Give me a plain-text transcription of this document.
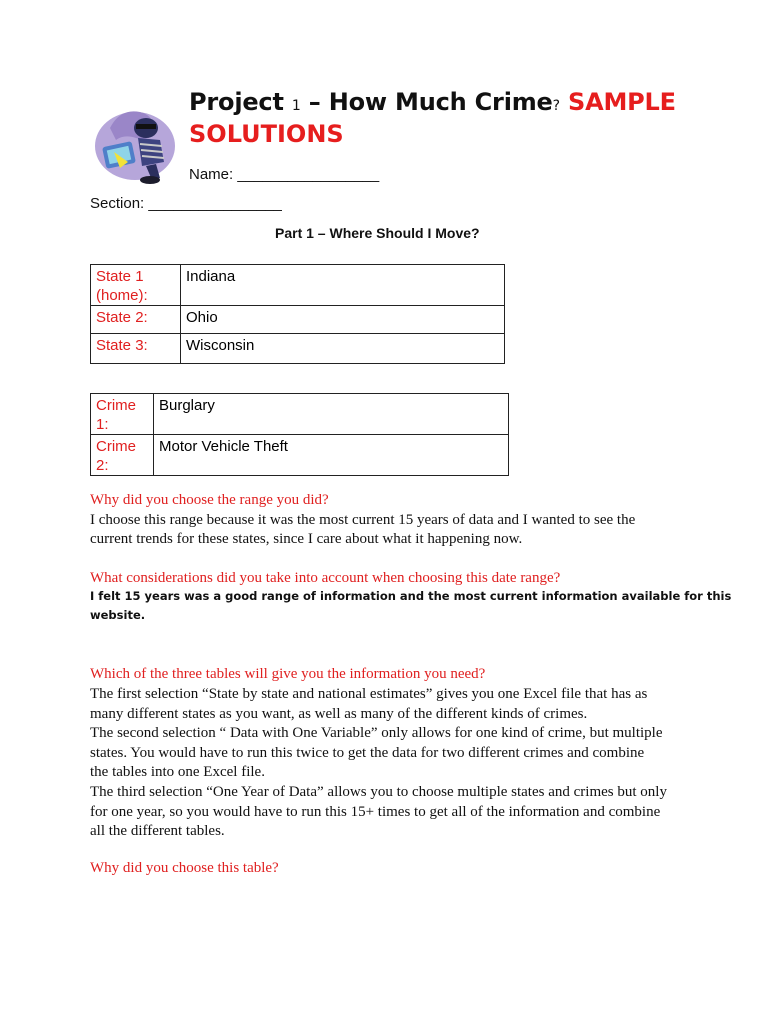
Project 1 – How Much Crime? SAMPLE
SOLUTIONS
Name: _________________
Section: ________________
Part 1 – Where Should I Move?
State 1 (home):	Indiana
State 2:	Ohio
State 3:	Wisconsin
Crime 1:	Burglary
Crime 2:	Motor Vehicle Theft
Why did you choose the range you did?
I choose this range because it was the most current 15 years of data and I wanted to see the
current trends for these states, since I care about what it happening now.
What considerations did you take into account when choosing this date range?
I felt 15 years was a good range of information and the most current information available for this
website.
Which of the three tables will give you the information you need?
The first selection “State by state and national estimates” gives you one Excel file that has as
many different states as you want, as well as many of the different kinds of crimes.
The second selection “ Data with One Variable” only allows for one kind of crime, but multiple
states. You would have to run this twice to get the data for two different crimes and combine
the tables into one Excel file.
The third selection “One Year of Data” allows you to choose multiple states and crimes but only
for one year, so you would have to run this 15+ times to get all of the information and combine
all the different tables.
Why did you choose this table?
